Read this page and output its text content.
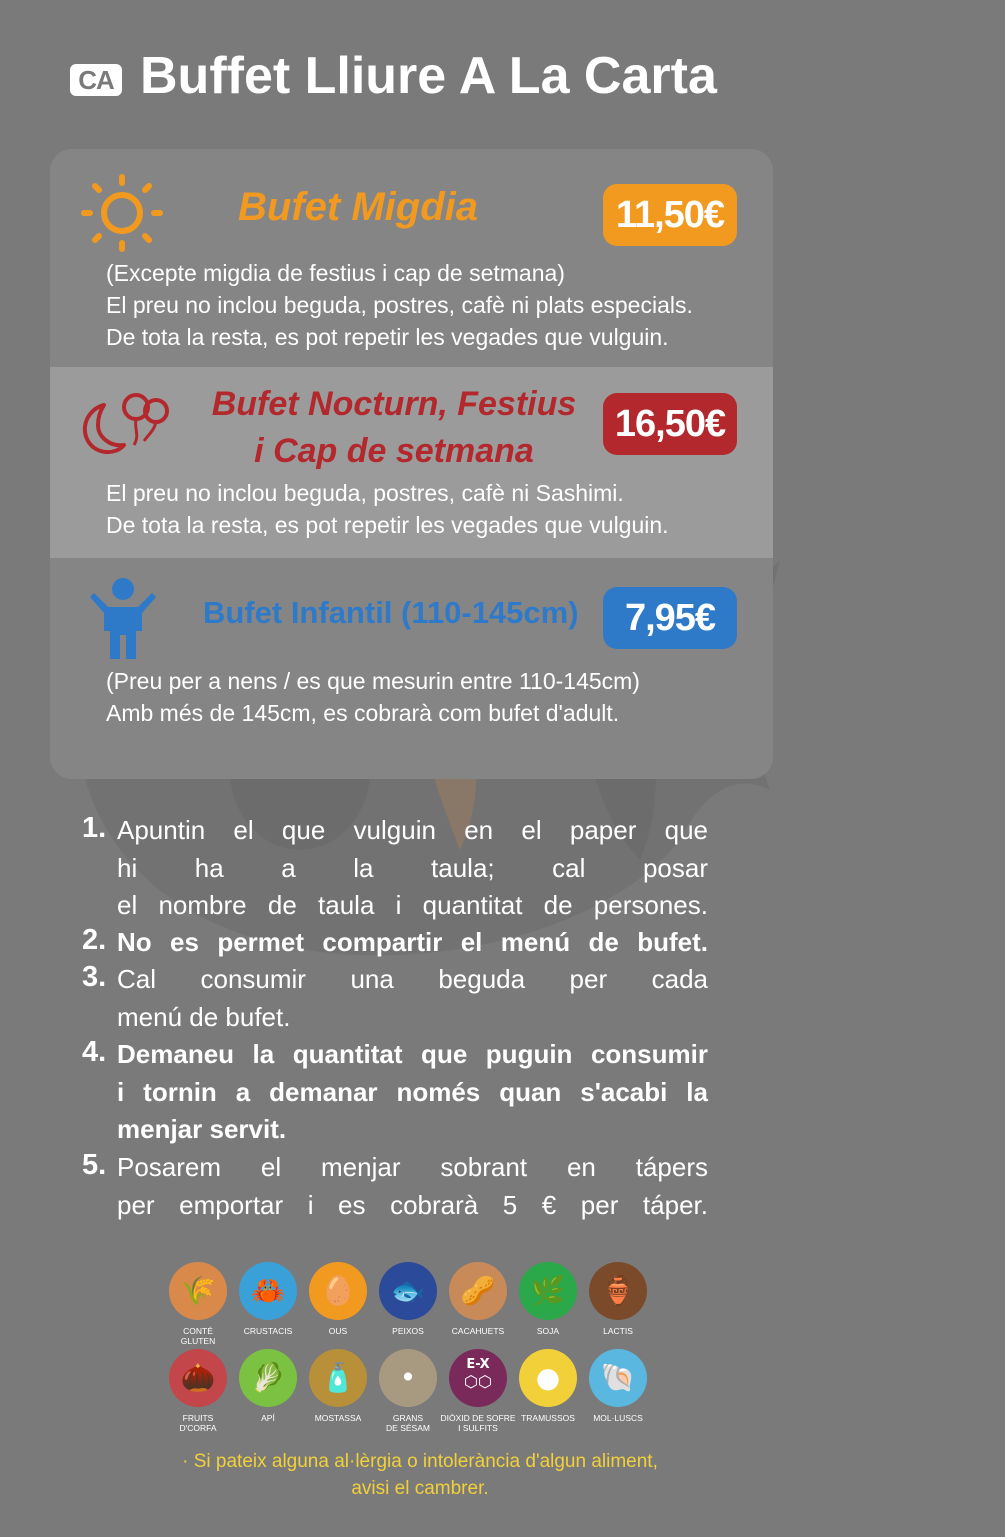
CA Buffet Lliure A La Carta
Bufet Migdia	11,50€
(Excepte migdia de festius i cap de setmana)
El preu no inclou beguda, postres, cafè ni plats especials.
De tota la resta, es pot repetir les vegades que vulguin.
Bufet Nocturn, Festius
i Cap de setmana
16,50€
El preu no inclou beguda, postres, cafè ni Sashimi.
De tota la resta, es pot repetir les vegades que vulguin.
Bufet Infantil (110-145cm)	7,95€
(Preu per a nens / es que mesurin entre 110-145cm)
Amb més de 145cm, es cobrarà com bufet d'adult.
1. Apuntin el que vulguin en el paper que
hi ha a la taula; cal posar
el nombre de taula i quantitat de persones.
2. No es permet compartir el menú de bufet.
3. Cal consumir una beguda per cada
menú de bufet.
4. Demaneu la quantitat que puguin consumir
i tornin a demanar només quan s'acabi la
menjar servit.
5. Posarem el menjar sobrant en tápers
per emportar i es cobrarà 5 € per táper.
🌾
CONTÉ
GLUTEN
🦀
CRUSTACIS
🥚
OUS
🐟
PEIXOS
🥜
CACAHUETS
🌿
SOJA
🏺
LACTIS
🌰
FRUITS
D'CORFA
🥬
APÍ
🧴
MOSTASSA
•
GRANS
DE SÉSAM
E-X
⬡⬡
DIÒXID DE SOFRE
I SULFITS
●
TRAMUSSOS
🐚
MOL·LUSCS
· Si pateix alguna al·lèrgia o intolerància d'algun aliment,
avisi el cambrer.
